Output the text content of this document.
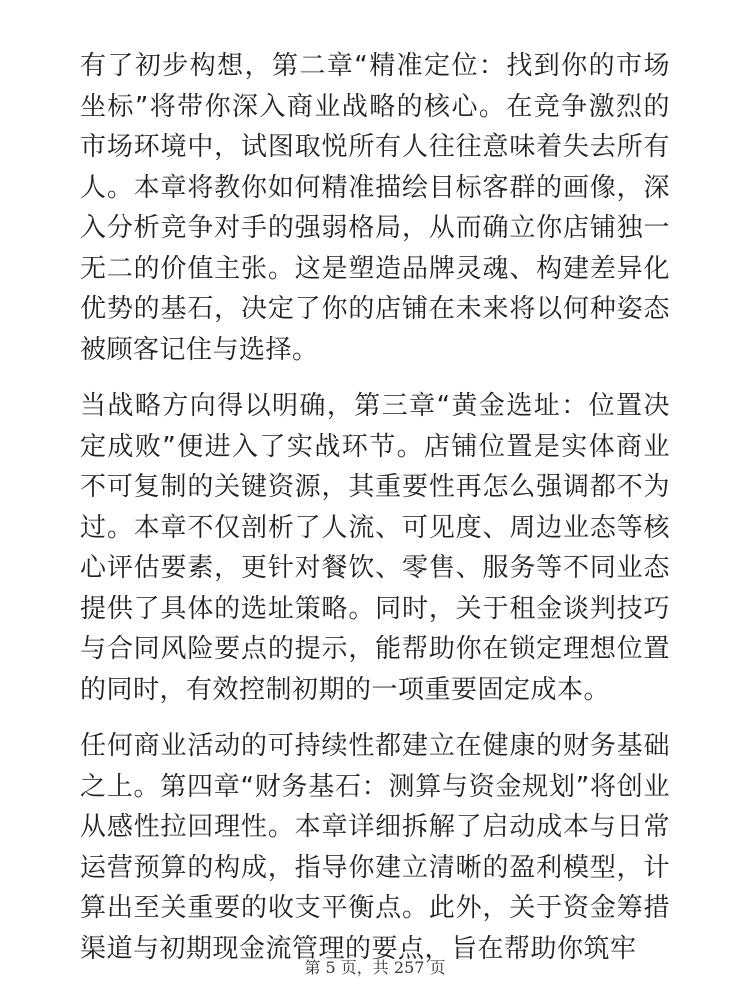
有了初步构想，第二章“精准定位：找到你的市场坐标”将带你深入商业战略的核心。在竞争激烈的市场环境中，试图取悦所有人往往意味着失去所有人。本章将教你如何精准描绘目标客群的画像，深入分析竞争对手的强弱格局，从而确立你店铺独一无二的价值主张。这是塑造品牌灵魂、构建差异化优势的基石，决定了你的店铺在未来将以何种姿态被顾客记住与选择。

当战略方向得以明确，第三章“黄金选址：位置决定成败”便进入了实战环节。店铺位置是实体商业不可复制的关键资源，其重要性再怎么强调都不为过。本章不仅剖析了人流、可见度、周边业态等核心评估要素，更针对餐饮、零售、服务等不同业态提供了具体的选址策略。同时，关于租金谈判技巧与合同风险要点的提示，能帮助你在锁定理想位置的同时，有效控制初期的一项重要固定成本。

任何商业活动的可持续性都建立在健康的财务基础之上。第四章“财务基石：测算与资金规划”将创业从感性拉回理性。本章详细拆解了启动成本与日常运营预算的构成，指导你建立清晰的盈利模型，计算出至关重要的收支平衡点。此外，关于资金筹措渠道与初期现金流管理的要点，旨在帮助你筑牢

第 5 页，共 257 页
